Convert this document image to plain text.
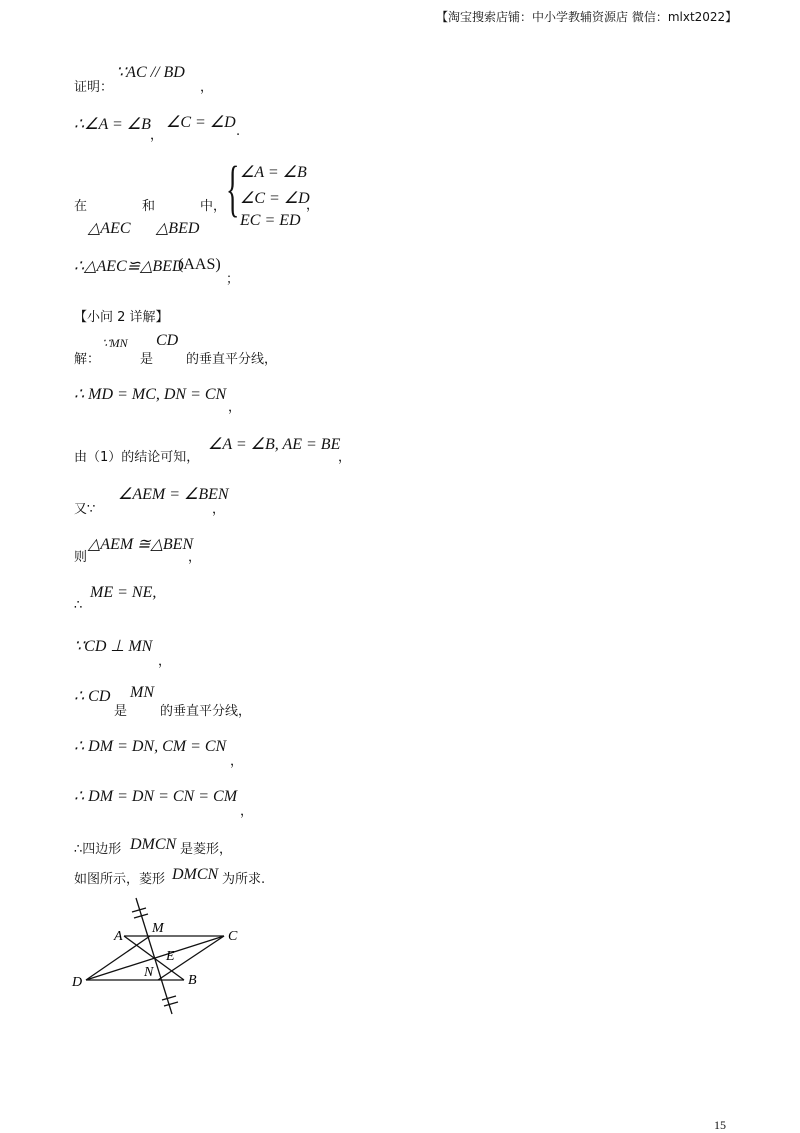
【淘宝搜索店铺：中小学教辅资源店 微信：mlxt2022】
证明：
∵AC // BD
，
∴∠A = ∠B
，
∠C = ∠D
.
在	和	中，
△AEC △BED
{ ∠A = ∠B
∠C = ∠D
EC = ED
，
∴△AEC≌△BED
(AAS)
；
【小问 2 详解】
解：
∵MN
是
CD
的垂直平分线，
∴ MD = MC, DN = CN
，
由（1）的结论可知，
∠A = ∠B, AE = BE
，
又∵
∠AEM = ∠BEN
，
则
△AEM ≅△BEN
，
∴
ME = NE,
∵CD ⊥ MN
，
∴ CD
是
MN
的垂直平分线，
∴ DM = DN, CM = CN
，
∴ DM = DN = CN = CM
，
∴四边形 DMCN 是菱形，
如图所示，菱形 DMCN 为所求.
A
M
C
E
N
D	B
15
